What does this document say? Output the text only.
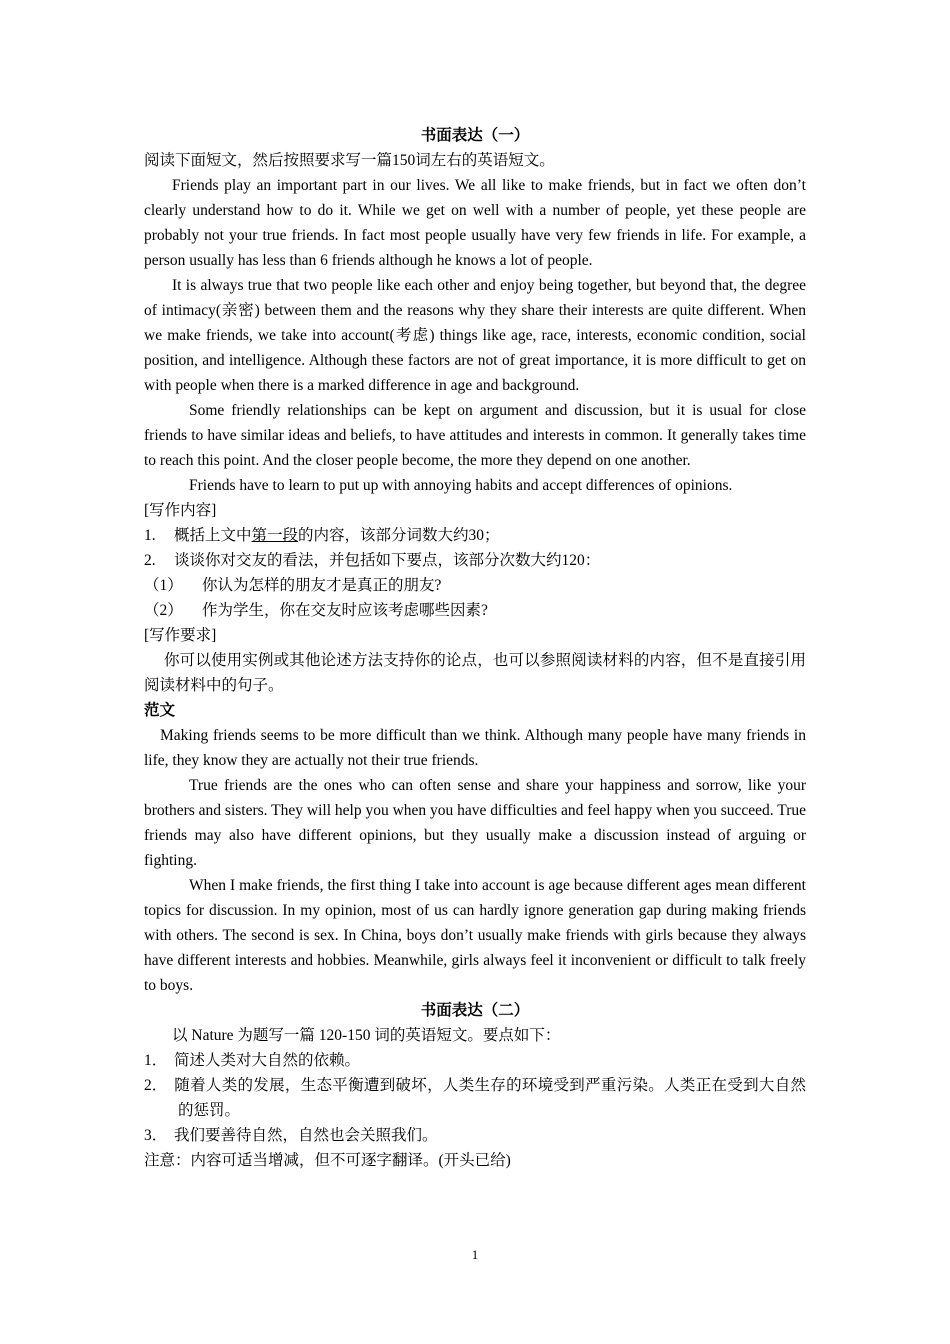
书面表达（一）

阅读下面短文，然后按照要求写一篇150词左右的英语短文。

Friends play an important part in our lives. We all like to make friends, but in fact we often don’t clearly understand how to do it. While we get on well with a number of people, yet these people are probably not your true friends. In fact most people usually have very few friends in life. For example, a person usually has less than 6 friends although he knows a lot of people.

It is always true that two people like each other and enjoy being together, but beyond that, the degree of intimacy(亲密) between them and the reasons why they share their interests are quite different. When we make friends, we take into account(考虑) things like age, race, interests, economic condition, social position, and intelligence. Although these factors are not of great importance, it is more difficult to get on with people when there is a marked difference in age and background.

Some friendly relationships can be kept on argument and discussion, but it is usual for close friends to have similar ideas and beliefs, to have attitudes and interests in common. It generally takes time to reach this point. And the closer people become, the more they depend on one another.

Friends have to learn to put up with annoying habits and accept differences of opinions.

[写作内容]

1. 概括上文中第一段的内容，该部分词数大约30；

2. 谈谈你对交友的看法，并包括如下要点，该部分次数大约120：

（1） 你认为怎样的朋友才是真正的朋友?

（2） 作为学生，你在交友时应该考虑哪些因素?

[写作要求]

你可以使用实例或其他论述方法支持你的论点，也可以参照阅读材料的内容，但不是直接引用阅读材料中的句子。

范文

Making friends seems to be more difficult than we think. Although many people have many friends in life, they know they are actually not their true friends.

True friends are the ones who can often sense and share your happiness and sorrow, like your brothers and sisters. They will help you when you have difficulties and feel happy when you succeed. True friends may also have different opinions, but they usually make a discussion instead of arguing or fighting.

When I make friends, the first thing I take into account is age because different ages mean different topics for discussion. In my opinion, most of us can hardly ignore generation gap during making friends with others. The second is sex. In China, boys don’t usually make friends with girls because they always have different interests and hobbies. Meanwhile, girls always feel it inconvenient or difficult to talk freely to boys.

书面表达（二）

以 Nature 为题写一篇 120-150 词的英语短文。要点如下：

1． 简述人类对大自然的依赖。

2． 随着人类的发展，生态平衡遭到破坏，人类生存的环境受到严重污染。人类正在受到大自然的惩罚。

3． 我们要善待自然，自然也会关照我们。

注意：内容可适当增减，但不可逐字翻译。(开头已给)

1
